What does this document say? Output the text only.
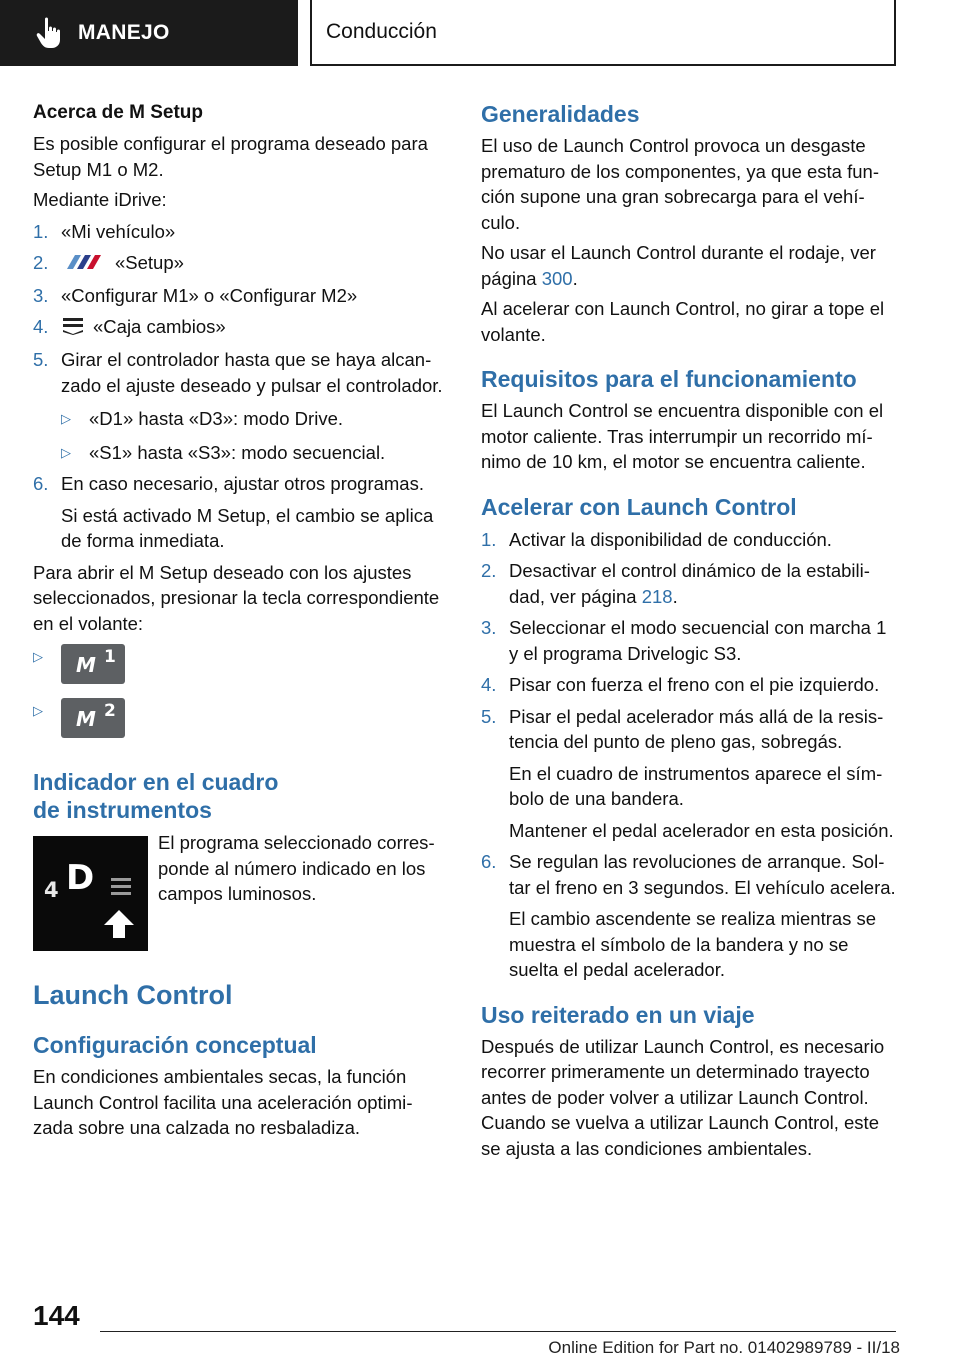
MANEJO	Conducción
Acerca de M Setup

Es posible configurar el programa deseado para Setup M1 o M2.

Mediante iDrive:

1. «Mi vehículo»
2.	«Setup»
3. «Configurar M1» o «Configurar M2»
4.	«Caja cambios»
5. Girar el controlador hasta que se haya alcanzado el ajuste deseado y pulsar el controlador.
▷ «D1» hasta «D3»: modo Drive.
▷ «S1» hasta «S3»: modo secuencial.
6. En caso necesario, ajustar otros programas.

Si está activado M Setup, el cambio se aplica de forma inmediata.

Para abrir el M Setup deseado con los ajustes seleccionados, presionar la tecla correspondiente en el volante:

▷	M 1
▷	M 2
Indicador en el cuadro de instrumentos
4 D

El programa seleccionado corresponde al número indicado en los campos luminosos.

Launch Control
Configuración conceptual

En condiciones ambientales secas, la función Launch Control facilita una aceleración optimizada sobre una calzada no resbaladiza.

Generalidades

El uso de Launch Control provoca un desgaste prematuro de los componentes, ya que esta función supone una gran sobrecarga para el vehículo.

No usar el Launch Control durante el rodaje, ver página 300.

Al acelerar con Launch Control, no girar a tope el volante.

Requisitos para el funcionamiento

El Launch Control se encuentra disponible con el motor caliente. Tras interrumpir un recorrido mínimo de 10 km, el motor se encuentra caliente.

Acelerar con Launch Control
1. Activar la disponibilidad de conducción.
2. Desactivar el control dinámico de la estabilidad, ver página 218.
3. Seleccionar el modo secuencial con marcha 1 y el programa Drivelogic S3.
4. Pisar con fuerza el freno con el pie izquierdo.
5. Pisar el pedal acelerador más allá de la resistencia del punto de pleno gas, sobregás.

En el cuadro de instrumentos aparece el símbolo de una bandera.

Mantener el pedal acelerador en esta posición.

6. Se regulan las revoluciones de arranque. Soltar el freno en 3 segundos. El vehículo acelera.

El cambio ascendente se realiza mientras se muestra el símbolo de la bandera y no se suelta el pedal acelerador.

Uso reiterado en un viaje

Después de utilizar Launch Control, es necesario recorrer primeramente un determinado trayecto antes de poder volver a utilizar Launch Control. Cuando se vuelva a utilizar Launch Control, este se ajusta a las condiciones ambientales.

144
Online Edition for Part no. 01402989789 - II/18
